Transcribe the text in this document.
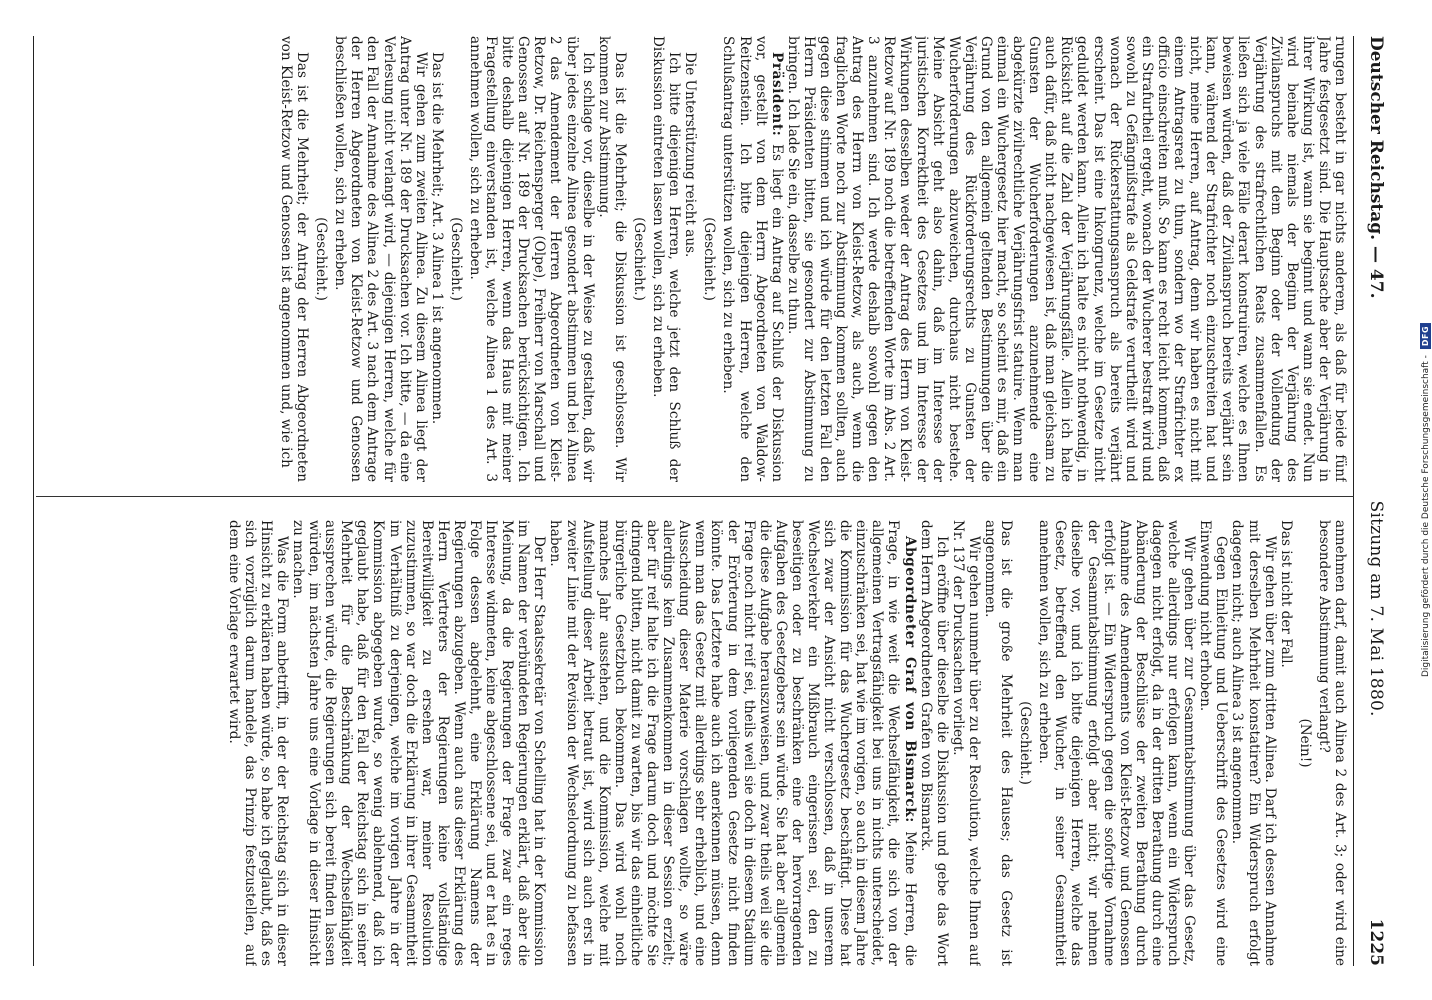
Deutscher Reichstag. — 47.
Sitzung am 7. Mai 1880.
1225

rungen besteht in gar nichts anderem, als daß für beide fünf Jahre festgesetzt sind. Die Hauptsache aber der Verjährung in ihrer Wirkung ist, wann sie beginnt und wann sie endet. Nun wird beinahe niemals der Beginn der Verjährung des Zivilanspruchs mit dem Beginn oder der Vollendung der Verjährung des strafrechtlichen Reats zusammenfallen. Es ließen sich ja viele Fälle derart konstruiren, welche es Ihnen beweisen würden, daß der Zivilanspruch bereits verjährt sein kann, während der Strafrichter noch einzuschreiten hat und nicht, meine Herren, auf Antrag, denn wir haben es nicht mit einem Antragsreat zu thun, sondern wo der Strafrichter ex officio einschreiten muß. So kann es recht leicht kommen, daß ein Strafurtheil ergeht, wonach der Wucherer bestraft wird und sowohl zu Gefängnißstrafe als Geldstrafe verurtheilt wird und wonach der Rückerstattungsanspruch als bereits verjährt erscheint. Das ist eine Inkongruenz, welche im Gesetze nicht geduldet werden kann. Allein ich halte es nicht nothwendig, in Rücksicht auf die Zahl der Verjährungsfälle. Allein ich halte auch dafür, daß nicht nachgewiesen ist, daß man gleichsam zu Gunsten der Wucherforderungen anzunehmende eine abgekürzte zivilrechtliche Verjährungsfrist statuire. Wenn man einmal ein Wuchergesetz hier macht, so scheint es mir, daß ein Grund von den allgemein geltenden Bestimmungen über die Verjährung des Rückforderungsrechts zu Gunsten der Wucherforderungen abzuweichen, durchaus nicht bestehe. Meine Absicht geht also dahin, daß im Interesse der juristischen Korrektheit des Gesetzes und im Interesse der Wirkungen desselben weder der Antrag des Herrn von Kleist-Retzow auf Nr. 189 noch die betreffenden Worte im Abs. 2 Art. 3 anzunehmen sind. Ich werde deshalb sowohl gegen den Antrag des Herrn von Kleist-Retzow, als auch, wenn die fraglichen Worte noch zur Abstimmung kommen sollten, auch gegen diese stimmen und ich würde für den letzten Fall den Herrn Präsidenten bitten, sie gesondert zur Abstimmung zu bringen. Ich lade Sie ein, dasselbe zu thun.

Präsident: Es liegt ein Antrag auf Schluß der Diskussion vor, gestellt von dem Herrn Abgeordneten von Waldow-Reitzenstein. Ich bitte diejenigen Herren, welche den Schlußantrag unterstützen wollen, sich zu erheben.

(Geschieht.)

Die Unterstützung reicht aus.

Ich bitte diejenigen Herren, welche jetzt den Schluß der Diskussion eintreten lassen wollen, sich zu erheben.

(Geschieht.)

Das ist die Mehrheit; die Diskussion ist geschlossen. Wir kommen zur Abstimmung.

Ich schlage vor, dieselbe in der Weise zu gestalten, daß wir über jedes einzelne Alinea gesondert abstimmen und bei Alinea 2 das Amendement der Herren Abgeordneten von Kleist-Retzow, Dr. Reichensperger (Olpe), Freiherr von Marschall und Genossen auf Nr. 189 der Drucksachen berücksichtigen. Ich bitte deshalb diejenigen Herren, wenn das Haus mit meiner Fragestellung einverstanden ist, welche Alinea 1 des Art. 3 annehmen wollen, sich zu erheben.

(Geschieht.)

Das ist die Mehrheit; Art. 3 Alinea 1 ist angenommen.

Wir gehen zum zweiten Alinea. Zu diesem Alinea liegt der Antrag unter Nr. 189 der Drucksachen vor. Ich bitte, — da eine Verlesung nicht verlangt wird, — diejenigen Herren, welche für den Fall der Annahme des Alinea 2 des Art. 3 nach dem Antrage der Herren Abgeordneten von Kleist-Retzow und Genossen beschließen wollen, sich zu erheben.

(Geschieht.)

Das ist die Mehrheit; der Antrag der Herren Abgeordneten von Kleist-Retzow und Genossen ist angenommen und, wie ich

annehmen darf, damit auch Alinea 2 des Art. 3; oder wird eine besondere Abstimmung verlangt?

(Nein!)

Das ist nicht der Fall.

Wir gehen über zum dritten Alinea. Darf ich dessen Annahme mit derselben Mehrheit konstatiren? Ein Widerspruch erfolgt dagegen nicht; auch Alinea 3 ist angenommen.

Gegen Einleitung und Ueberschrift des Gesetzes wird eine Einwendung nicht erhoben.

Wir gehen über zur Gesammtabstimmung über das Gesetz, welche allerdings nur erfolgen kann, wenn ein Widerspruch dagegen nicht erfolgt, da in der dritten Berathung durch eine Abänderung der Beschlüsse der zweiten Berathung durch Annahme des Amendements von Kleist-Retzow und Genossen erfolgt ist. — Ein Widerspruch gegen die sofortige Vornahme der Gesammtabstimmung erfolgt aber nicht; wir nehmen dieselbe vor, und ich bitte diejenigen Herren, welche das Gesetz, betreffend den Wucher, in seiner Gesammtheit annehmen wollen, sich zu erheben.

(Geschieht.)

Das ist die große Mehrheit des Hauses; das Gesetz ist angenommen.

Wir gehen nunmehr über zu der Resolution, welche Ihnen auf Nr. 137 der Drucksachen vorliegt.

Ich eröffne über dieselbe die Diskussion und gebe das Wort dem Herrn Abgeordneten Grafen von Bismarck.

Abgeordneter Graf von Bismarck: Meine Herren, die Frage, in wie weit die Wechselfähigkeit, die sich von der allgemeinen Vertragsfähigkeit bei uns in nichts unterscheidet, einzuschränken sei, hat wie im vorigen, so auch in diesem Jahre die Kommission für das Wuchergesetz beschäftigt. Diese hat sich zwar der Ansicht nicht verschlossen, daß in unserem Wechselverkehr ein Mißbrauch eingerissen sei, den zu beseitigen oder zu beschränken eine der hervorragenden Aufgaben des Gesetzgebers sein würde. Sie hat aber allgemein die diese Aufgabe herauszuweisen, und zwar theils weil sie die Frage noch nicht reif sei, theils weil sie doch in diesem Stadium der Erörterung in dem vorliegenden Gesetze nicht finden könnte. Das Letztere habe auch ich anerkennen müssen, denn wenn man das Gesetz mit allerdings sehr erheblich, und eine Ausscheidung dieser Materie vorschlagen wollte, so wäre allerdings kein Zusammenkommen in dieser Session erzielt; aber für reif halte ich die Frage darum doch und möchte Sie dringend bitten, nicht damit zu warten, bis wir das einheitliche bürgerliche Gesetzbuch bekommen. Das wird wohl noch manches Jahr ausstehen, und die Kommission, welche mit Aufstellung dieser Arbeit betraut ist, wird sich auch erst in zweiter Linie mit der Revision der Wechselordnung zu befassen haben.

Der Herr Staatssekretär von Schelling hat in der Kommission im Namen der verbündeten Regierungen erklärt, daß aber die Meinung, da die Regierungen der Frage zwar ein reges Interesse widmeten, keine abgeschlossene sei, und er hat es in Folge dessen abgelehnt, eine Erklärung Namens der Regierungen abzugeben. Wenn auch aus dieser Erklärung des Herrn Vertreters der Regierungen keine vollständige Bereitwilligkeit zu ersehen war, meiner Resolution zuzustimmen, so war doch die Erklärung in ihrer Gesammtheit im Verhältniß zu derjenigen, welche im vorigen Jahre in der Kommission abgegeben wurde, so wenig ablehnend, daß ich geglaubt habe, daß für den Fall der Reichstag sich in seiner Mehrheit für die Beschränkung der Wechselfähigkeit aussprechen würde, die Regierungen sich bereit finden lassen würden, im nächsten Jahre uns eine Vorlage in dieser Hinsicht zu machen.

Was die Form anbetrifft, in der der Reichstag sich in dieser Hinsicht zu erklären haben würde, so habe ich geglaubt, daß es sich vorzüglich darum handele, das Prinzip festzustellen, auf dem eine Vorlage erwartet wird.	Digitalisierung gefördert durch die Deutsche Forschungsgemeinschaft -
DFG
